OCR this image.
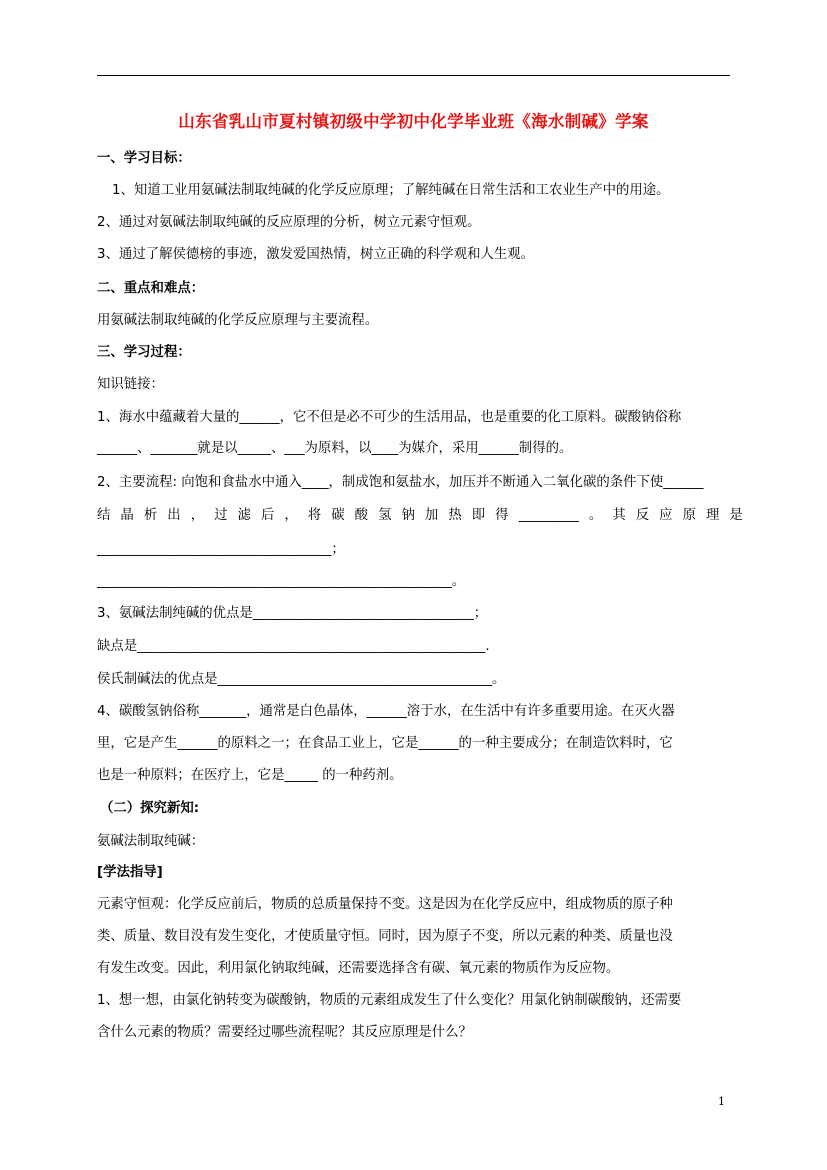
山东省乳山市夏村镇初级中学初中化学毕业班《海水制碱》学案
一、学习目标：
1、知道工业用氨碱法制取纯碱的化学反应原理；了解纯碱在日常生活和工农业生产中的用途。
2、通过对氨碱法制取纯碱的反应原理的分析，树立元素守恒观。
3、通过了解侯德榜的事迹，激发爱国热情，树立正确的科学观和人生观。
二、重点和难点：
用氨碱法制取纯碱的化学反应原理与主要流程。
三、学习过程：
知识链接：
1、海水中蕴藏着大量的______，它不但是必不可少的生活用品，也是重要的化工原料。碳酸钠俗称
______、_______就是以_____、___为原料，以____为媒介，采用______制得的。
2、主要流程: 向饱和食盐水中通入____，制成饱和氨盐水，加压并不断通入二氧化碳的条件下使______
结 晶 析 出 ， 过 滤 后 ， 将 碳 酸 氢 钠 加 热 即 得 _________ 。 其 反 应 原 理 是
___________________________________；
_____________________________________________________。
3、氨碱法制纯碱的优点是_________________________________；
缺点是____________________________________________________.
侯氏制碱法的优点是_________________________________________。
4、碳酸氢钠俗称_______，通常是白色晶体，______溶于水，在生活中有许多重要用途。在灭火器
里，它是产生______的原料之一；在食品工业上，它是______的一种主要成分；在制造饮料时，它
也是一种原料；在医疗上，它是_____ 的一种药剂。
（二）探究新知:
氨碱法制取纯碱：
[学法指导]
元素守恒观：化学反应前后，物质的总质量保持不变。这是因为在化学反应中，组成物质的原子种
类、质量、数目没有发生变化，才使质量守恒。同时，因为原子不变，所以元素的种类、质量也没
有发生改变。因此，利用氯化钠取纯碱，还需要选择含有碳、氧元素的物质作为反应物。
1、想一想，由氯化钠转变为碳酸钠，物质的元素组成发生了什么变化？用氯化钠制碳酸钠，还需要
含什么元素的物质？需要经过哪些流程呢？其反应原理是什么？
1
